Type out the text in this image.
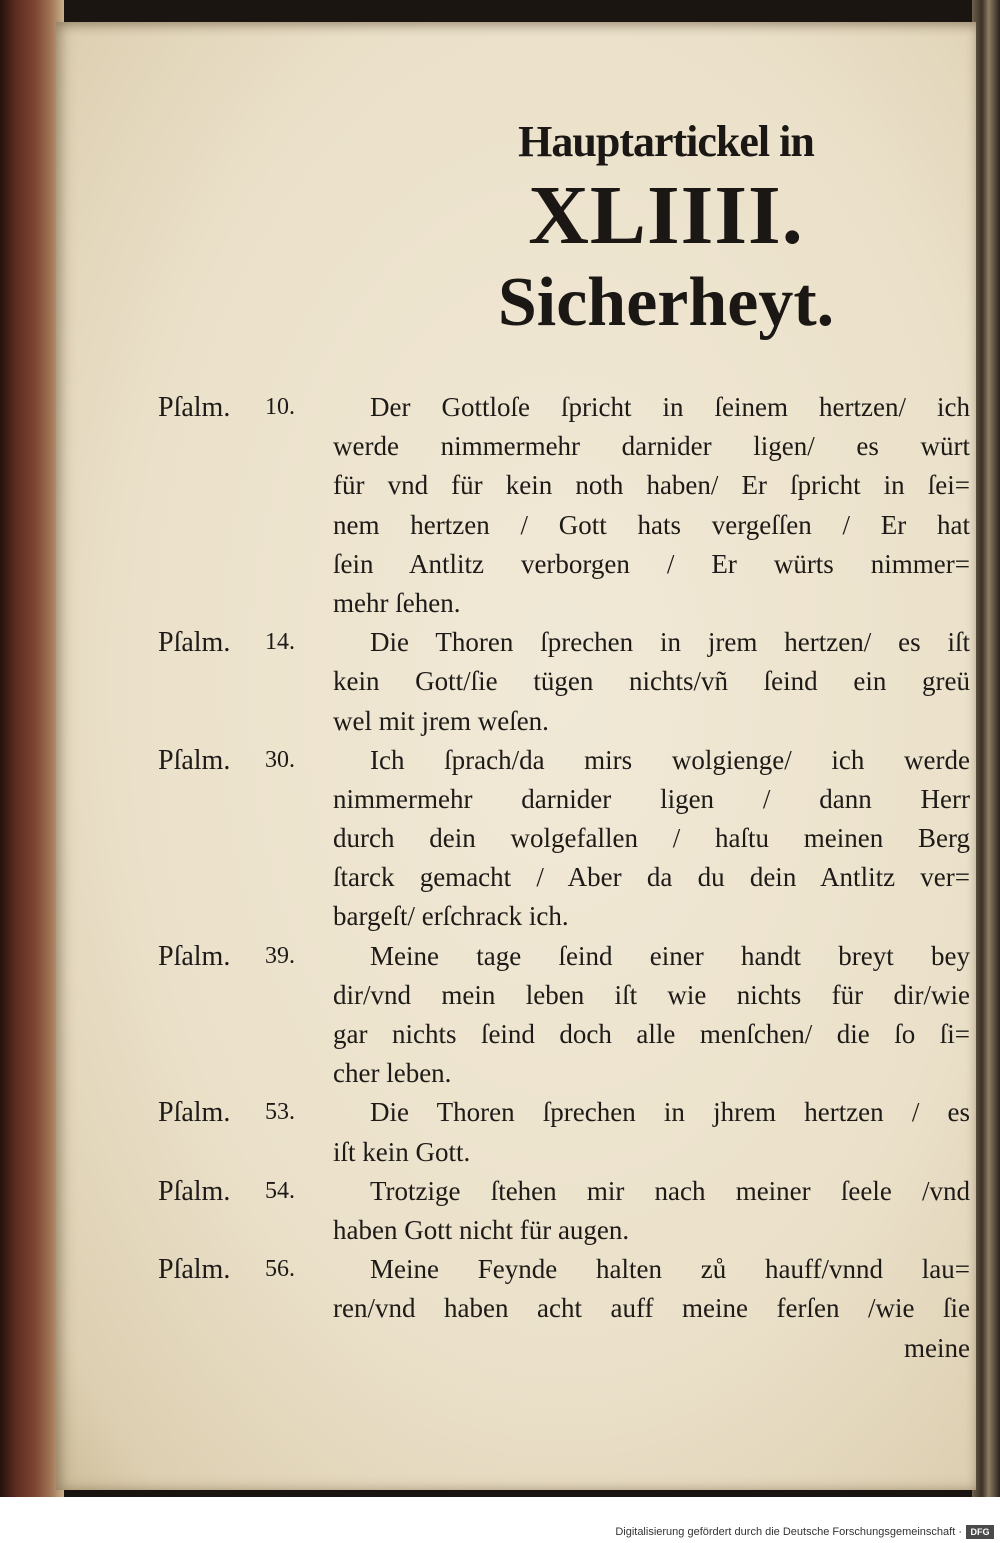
Hauptartickel in
XLIIII.
Sicherheyt.
Pſalm. 10.	Der Gottloſe ſpricht in ſeinem hertzen/ ich
werde nimmermehr darnider ligen/ es würt
für vnd für kein noth haben/ Er ſpricht in ſei=
nem hertzen / Gott hats vergeſſen / Er hat
ſein Antlitz verborgen / Er würts nimmer=
mehr ſehen.
Pſalm. 14.	Die Thoren ſprechen in jrem hertzen/ es iſt
kein Gott/ſie tügen nichts/vñ ſeind ein greü
wel mit jrem weſen.
Pſalm. 30.	Ich ſprach/da mirs wolgienge/ ich werde
nimmermehr darnider ligen / dann Herr
durch dein wolgefallen / haſtu meinen Berg
ſtarck gemacht / Aber da du dein Antlitz ver=
bargeſt/ erſchrack ich.
Pſalm. 39.	Meine tage ſeind einer handt breyt bey
dir/vnd mein leben iſt wie nichts für dir/wie
gar nichts ſeind doch alle menſchen/ die ſo ſi=
cher leben.
Pſalm. 53.	Die Thoren ſprechen in jhrem hertzen / es
iſt kein Gott.
Pſalm. 54.	Trotzige ſtehen mir nach meiner ſeele /vnd
haben Gott nicht für augen.
Pſalm. 56.	Meine Feynde halten zů hauff/vnnd lau=
ren/vnd haben acht auff meine ferſen /wie ſie
meine
Digitalisierung gefördert durch die Deutsche Forschungsgemeinschaft · DFG
